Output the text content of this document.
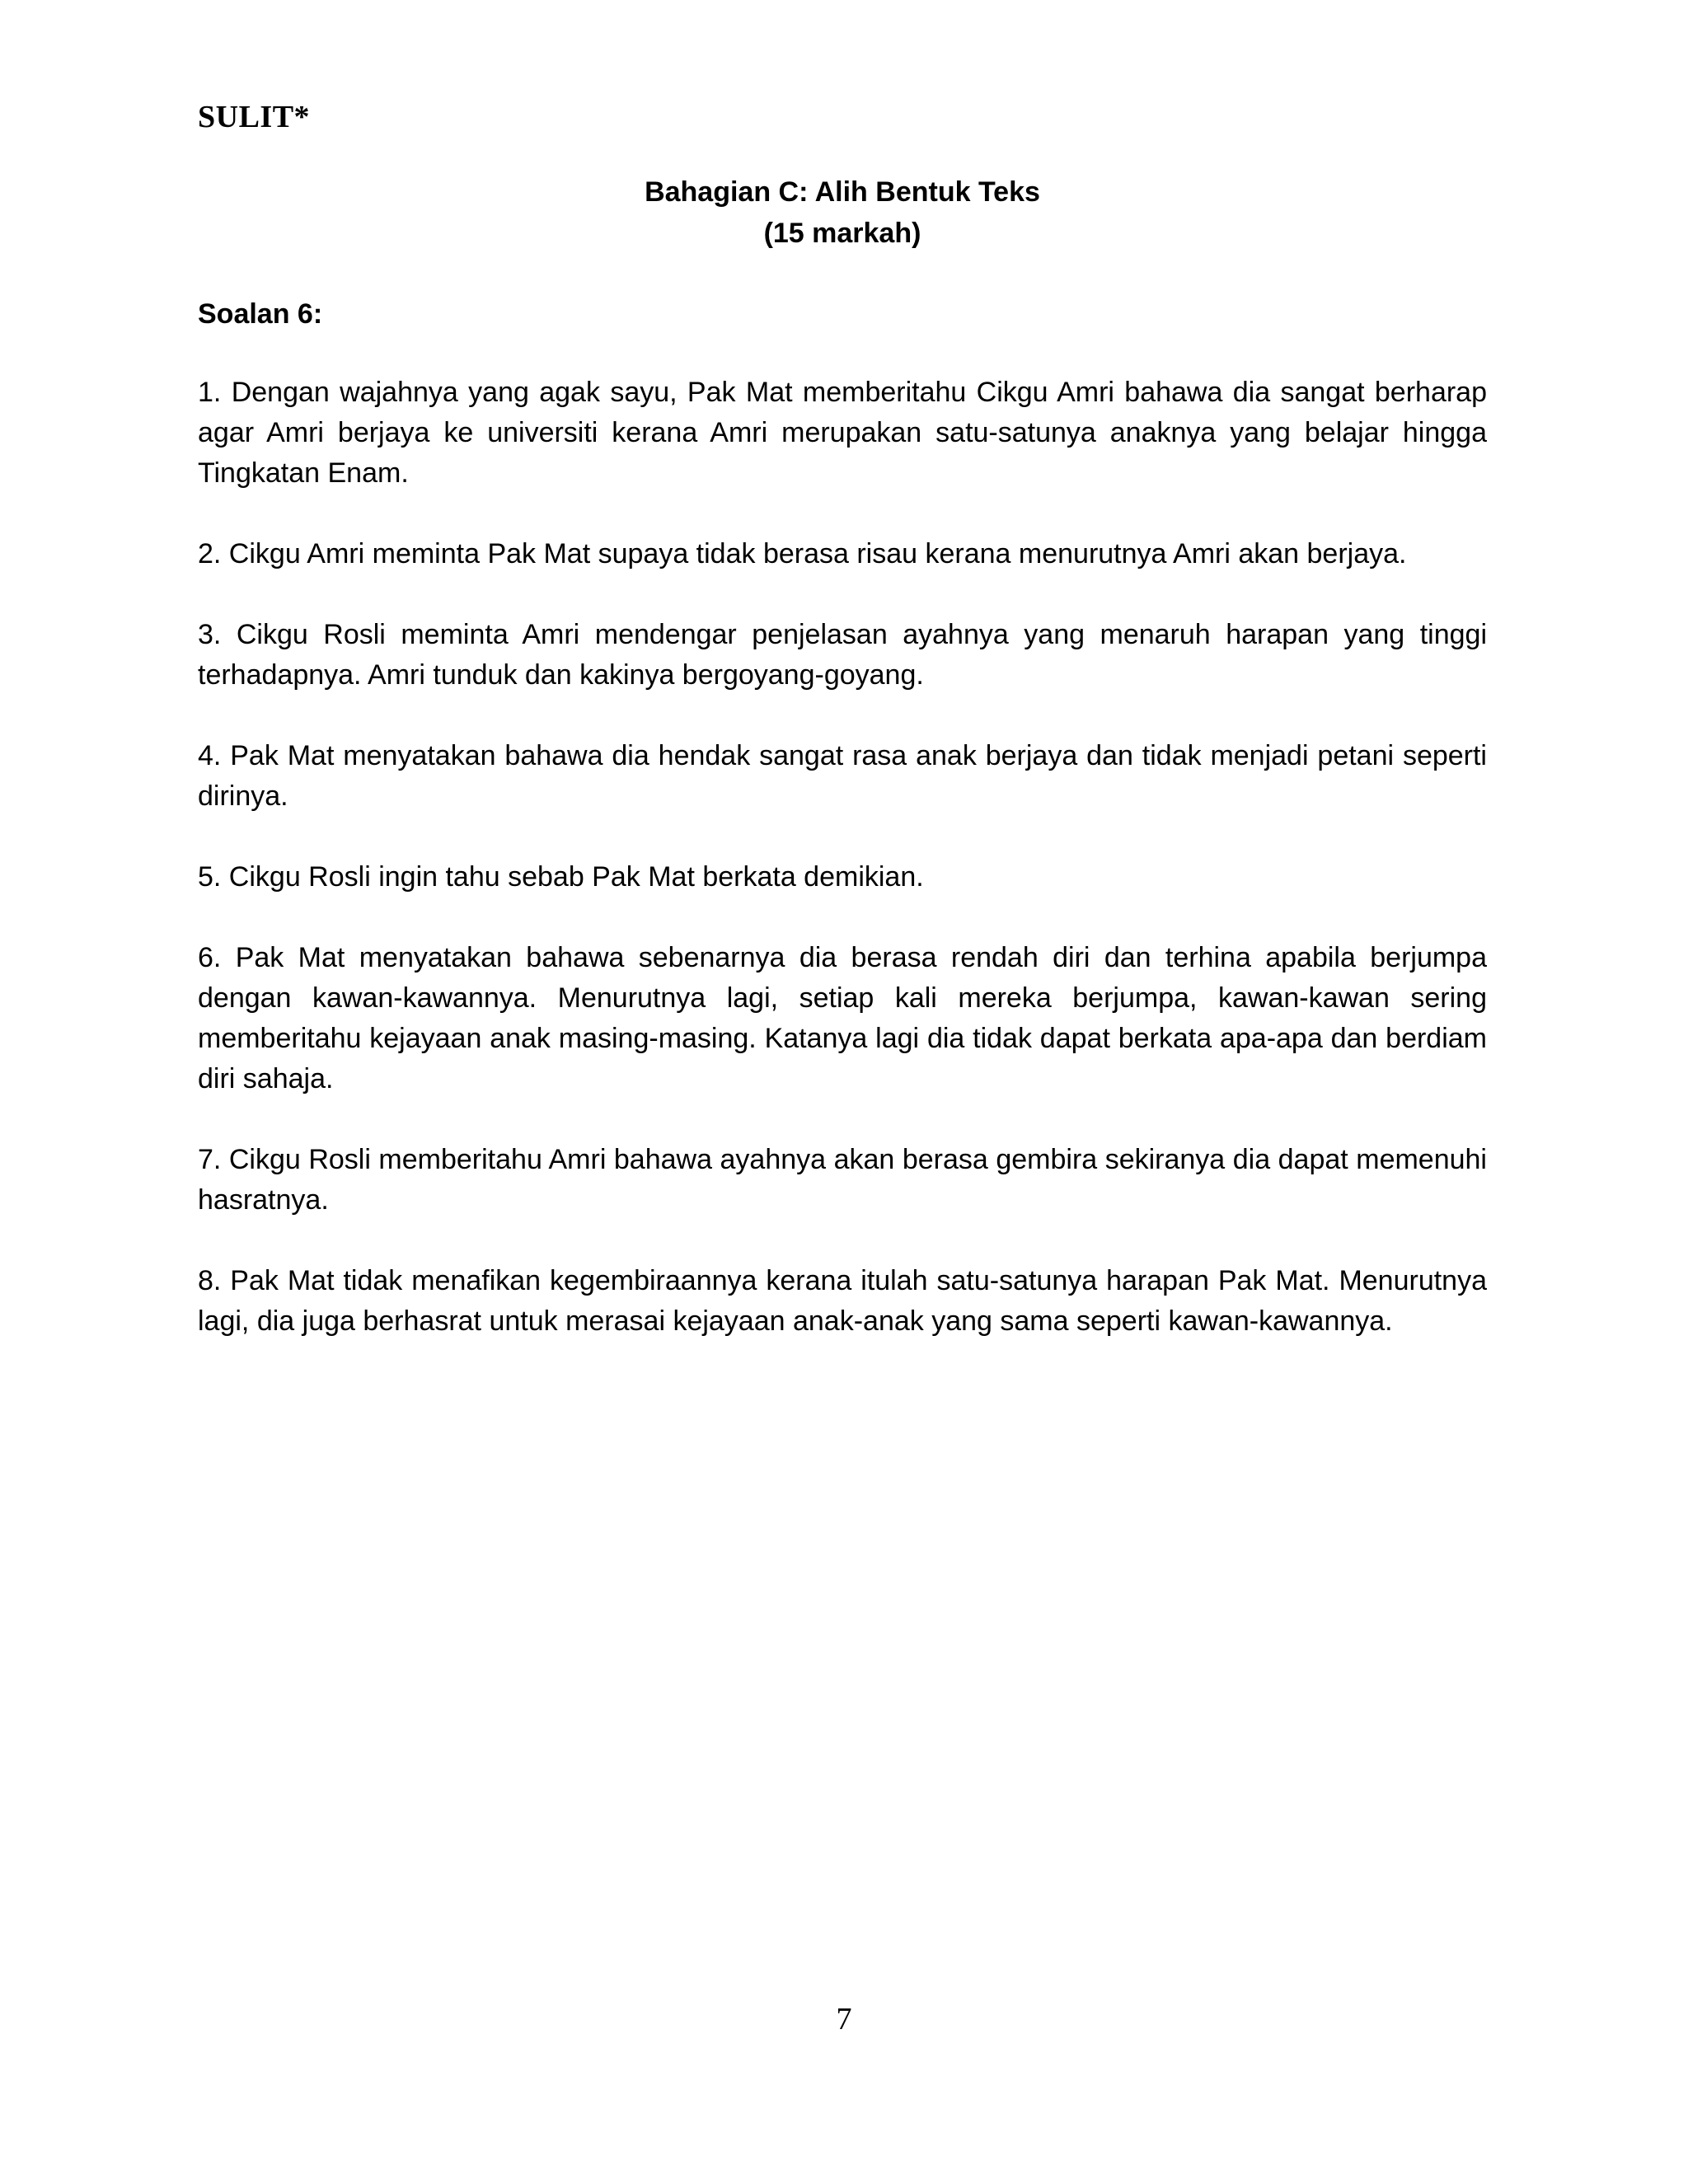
SULIT*
Bahagian C: Alih Bentuk Teks
(15 markah)
Soalan 6:
1. Dengan wajahnya yang agak sayu, Pak Mat memberitahu Cikgu Amri bahawa dia sangat berharap agar Amri berjaya ke universiti kerana Amri merupakan satu-satunya anaknya yang belajar hingga Tingkatan Enam.
2. Cikgu Amri meminta Pak Mat supaya tidak berasa risau kerana menurutnya Amri akan berjaya.
3. Cikgu Rosli meminta Amri mendengar penjelasan ayahnya yang menaruh harapan yang tinggi terhadapnya. Amri tunduk dan kakinya bergoyang-goyang.
4. Pak Mat menyatakan bahawa dia hendak sangat rasa anak berjaya dan tidak menjadi petani seperti dirinya.
5. Cikgu Rosli ingin tahu sebab Pak Mat berkata demikian.
6. Pak Mat menyatakan bahawa sebenarnya dia berasa rendah diri dan terhina apabila berjumpa dengan kawan-kawannya. Menurutnya lagi, setiap kali mereka berjumpa, kawan-kawan sering memberitahu kejayaan anak masing-masing. Katanya lagi dia tidak dapat berkata apa-apa dan berdiam diri sahaja.
7. Cikgu Rosli memberitahu Amri bahawa ayahnya akan berasa gembira sekiranya dia dapat memenuhi hasratnya.
8. Pak Mat tidak menafikan kegembiraannya kerana itulah satu-satunya harapan Pak Mat. Menurutnya lagi, dia juga berhasrat untuk merasai kejayaan anak-anak yang sama seperti kawan-kawannya.
7
